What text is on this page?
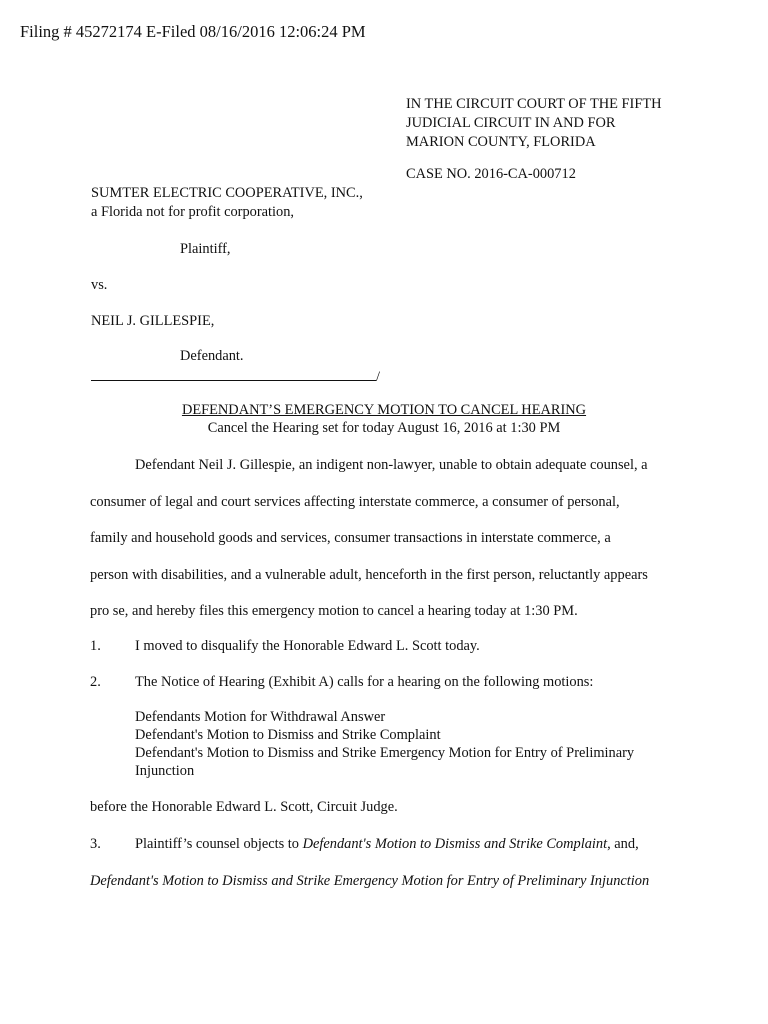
Filing # 45272174 E-Filed 08/16/2016 12:06:24 PM
IN THE CIRCUIT COURT OF THE FIFTH
JUDICIAL CIRCUIT IN AND FOR
MARION COUNTY, FLORIDA
CASE NO. 2016-CA-000712
SUMTER ELECTRIC COOPERATIVE, INC.,
a Florida not for profit corporation,
Plaintiff,
vs.
NEIL J. GILLESPIE,
Defendant.
/
DEFENDANT’S EMERGENCY MOTION TO CANCEL HEARING
Cancel the Hearing set for today August 16, 2016 at 1:30 PM
Defendant Neil J. Gillespie, an indigent non-lawyer, unable to obtain adequate counsel, a
consumer of legal and court services affecting interstate commerce, a consumer of personal,
family and household goods and services, consumer transactions in interstate commerce, a
person with disabilities, and a vulnerable adult, henceforth in the first person, reluctantly appears
pro se, and hereby files this emergency motion to cancel a hearing today at 1:30 PM.
1. I moved to disqualify the Honorable Edward L. Scott today.
2. The Notice of Hearing (Exhibit A) calls for a hearing on the following motions:
Defendants Motion for Withdrawal Answer
Defendant's Motion to Dismiss and Strike Complaint
Defendant's Motion to Dismiss and Strike Emergency Motion for Entry of Preliminary
Injunction
before the Honorable Edward L. Scott, Circuit Judge.
3. Plaintiff’s counsel objects to Defendant's Motion to Dismiss and Strike Complaint, and,
Defendant's Motion to Dismiss and Strike Emergency Motion for Entry of Preliminary Injunction
